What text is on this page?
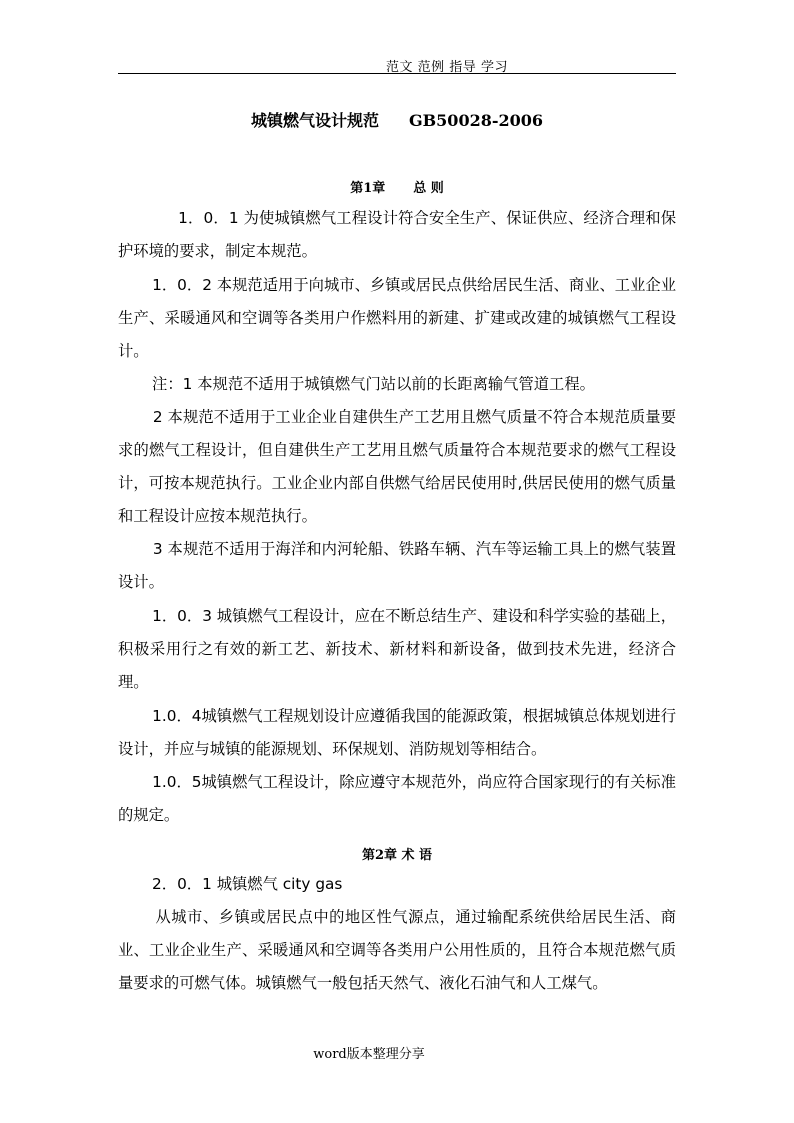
范文 范例 指导 学习
城镇燃气设计规范 GB50028-2006
第1章 总 则

1．0．1 为使城镇燃气工程设计符合安全生产、保证供应、经济合理和保护环境的要求，制定本规范。

1．0．2 本规范适用于向城市、乡镇或居民点供给居民生活、商业、工业企业生产、采暖通风和空调等各类用户作燃料用的新建、扩建或改建的城镇燃气工程设计。

注：1 本规范不适用于城镇燃气门站以前的长距离输气管道工程。

2 本规范不适用于工业企业自建供生产工艺用且燃气质量不符合本规范质量要求的燃气工程设计，但自建供生产工艺用且燃气质量符合本规范要求的燃气工程设计，可按本规范执行。工业企业内部自供燃气给居民使用时,供居民使用的燃气质量和工程设计应按本规范执行。

3 本规范不适用于海洋和内河轮船、铁路车辆、汽车等运输工具上的燃气装置设计。

1．0．3 城镇燃气工程设计，应在不断总结生产、建设和科学实验的基础上，积极采用行之有效的新工艺、新技术、新材料和新设备，做到技术先进，经济合理。

1.0．4城镇燃气工程规划设计应遵循我国的能源政策，根据城镇总体规划进行设计，并应与城镇的能源规划、环保规划、消防规划等相结合。

1.0．5城镇燃气工程设计，除应遵守本规范外，尚应符合国家现行的有关标准的规定。

第2章 术 语

2．0．1 城镇燃气 city gas

从城市、乡镇或居民点中的地区性气源点，通过输配系统供给居民生活、商业、工业企业生产、采暖通风和空调等各类用户公用性质的，且符合本规范燃气质量要求的可燃气体。城镇燃气一般包括天然气、液化石油气和人工煤气。

word版本整理分享
